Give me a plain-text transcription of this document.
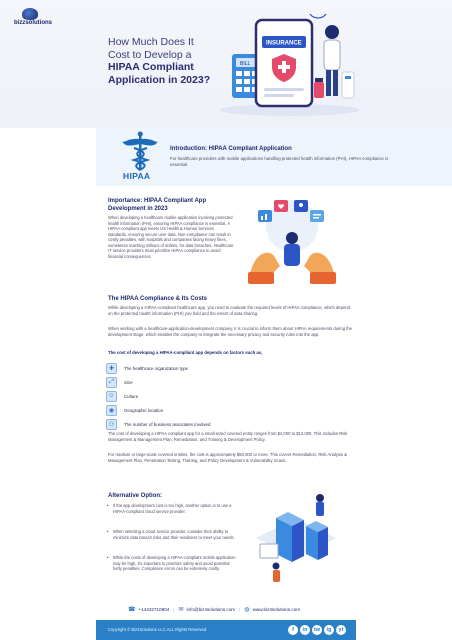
bizzsolutions
How Much Does It
Cost to Develop a
HIPAA Compliant
Application in 2023?
BILL
INSURANCE
HIPAA
Introduction: HIPAA Compliant Application
For healthcare providers with mobile applications handling protected health information (PHI), HIPAA compliance is essential.
Importance: HIPAA Compliant App Development in 2023
When developing a healthcare mobile application involving protected health information (PHI), ensuring HIPAA compliance is essential. A HIPAA-compliant app meets US Health & Human Services standards, ensuring secure user data. Non-compliance can result in costly penalties, with hospitals and companies facing heavy fines, sometimes reaching millions of dollars, for data breaches. Healthcare IT service providers must prioritize HIPAA compliance to avoid financial consequences.
The HIPAA Compliance & Its Costs
While developing a HIPAA-compliant healthcare app, you need to evaluate the required levels of HIPAA compliance, which depend on the protected health information (PHI) you hold and the extent of data sharing.
When working with a healthcare-application-development company, it is crucial to inform them about HIPAA requirements during the development stage, which enables the company to integrate the necessary privacy and security rules into the app.
The cost of developing a HIPAA-compliant app depends on factors such as,
✚	The healthcare organization type
⤢	Size
☺	Culture
◉	Geographic location
⚇	The number of business associates involved
The cost of developing a HIPAA compliant app for a small-sized covered entity ranges from $4,000 to $12,000. This includes Risk Management & Management Plan, Remediation, and Training & Development Policy.
For medium or large-scale covered entities, the cost is approximately $50,000 or more. This covers Remediation, Risk Analysis & Management Plan, Penetration Testing, Training, and Policy Development & Vulnerability Scans.
Alternative Option:
• If the app development cost is too high, another option is to use a HIPAA-compliant cloud service provider.
• When selecting a cloud service provider, consider their ability to minimize data breach risks and their readiness to meet your needs.
• While the costs of developing a HIPAA-compliant mobile application may be high, it's important to prioritize safety and avoid potential hefty penalties. Compliance errors can be extremely costly.
☎ +14432710804 | ✉ info@biz4solutions.com | ◍ www.biz4solutions.com
Copyright © Biz4Solutions LLC.ALL Rights Reserved.	f	in	tw	ig	yt
